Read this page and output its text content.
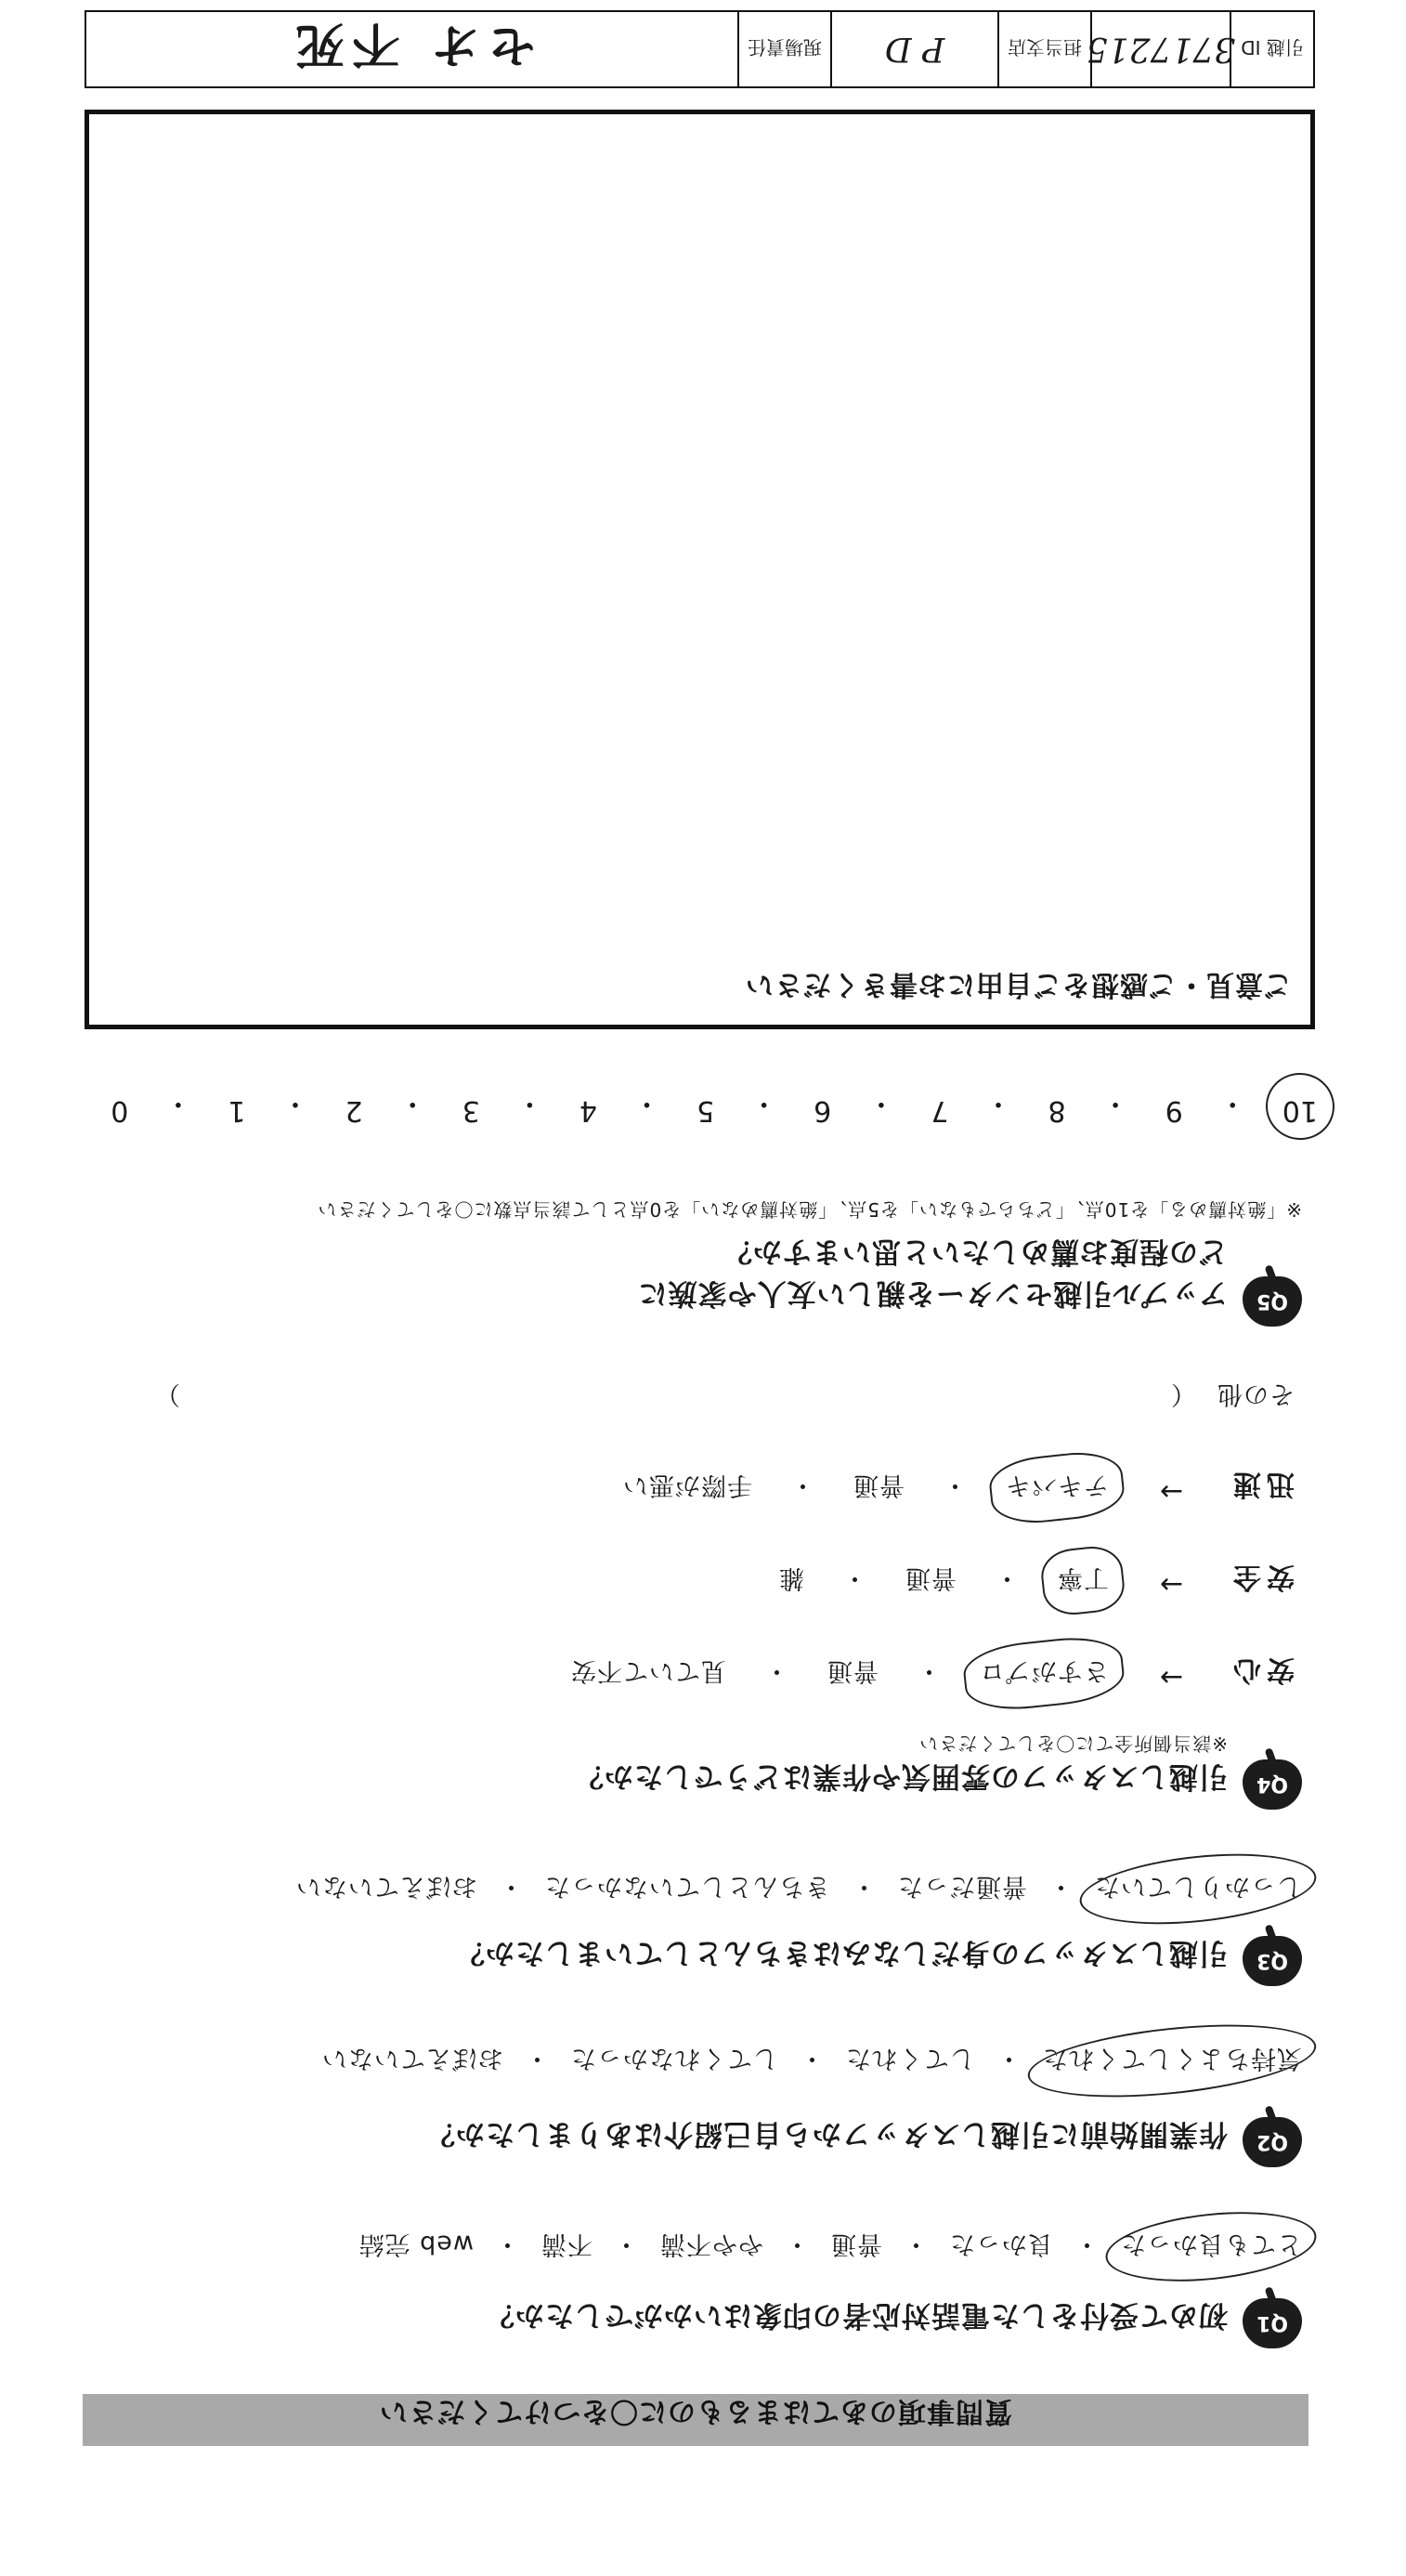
質問事項のあてはまるものに〇をつけてください
Q1
初めて受付をした電話対応者の印象はいかがでしたか？
とても良かった
・
良かった
・
普通
・
やや不満
・
不満
・
web 完結
Q2
作業開始前に引越しスタッフから自己紹介はありましたか？
気持ちよくしてくれた
・
してくれた
・
してくれなかった
・
おぼえていない
Q3
引越しスタッフの身だしなみはきちんとしていましたか？
しっかりしていた
・
普通だった
・
きちんとしていなかった
・
おぼえていない
Q4
引越しスタッフの雰囲気や作業はどうでしたか？
※該当個所全てに〇をしてください
安心
→
さすがプロ
・
普通
・
見ていて不安
安全
→
丁寧
・
普通
・
雑
迅速
→
テキパキ
・
普通
・
手際が悪い
その他
（
）
Q5
アップル引越センターを親しい友人や家族に
どの程度お薦めしたいと思いますか？
※「絶対薦める」を10点、「どちらでもない」を5点、「絶対薦めない」を0点として該当点数に〇をしてください
10
・
9
・
8
・
7
・
6
・
5
・
4
・
3
・
2
・
1
・
0
ご意見・ご感想をご自由にお書きください
引越 ID
3717215
担当支店
P D
現場責任
セオ 不死
